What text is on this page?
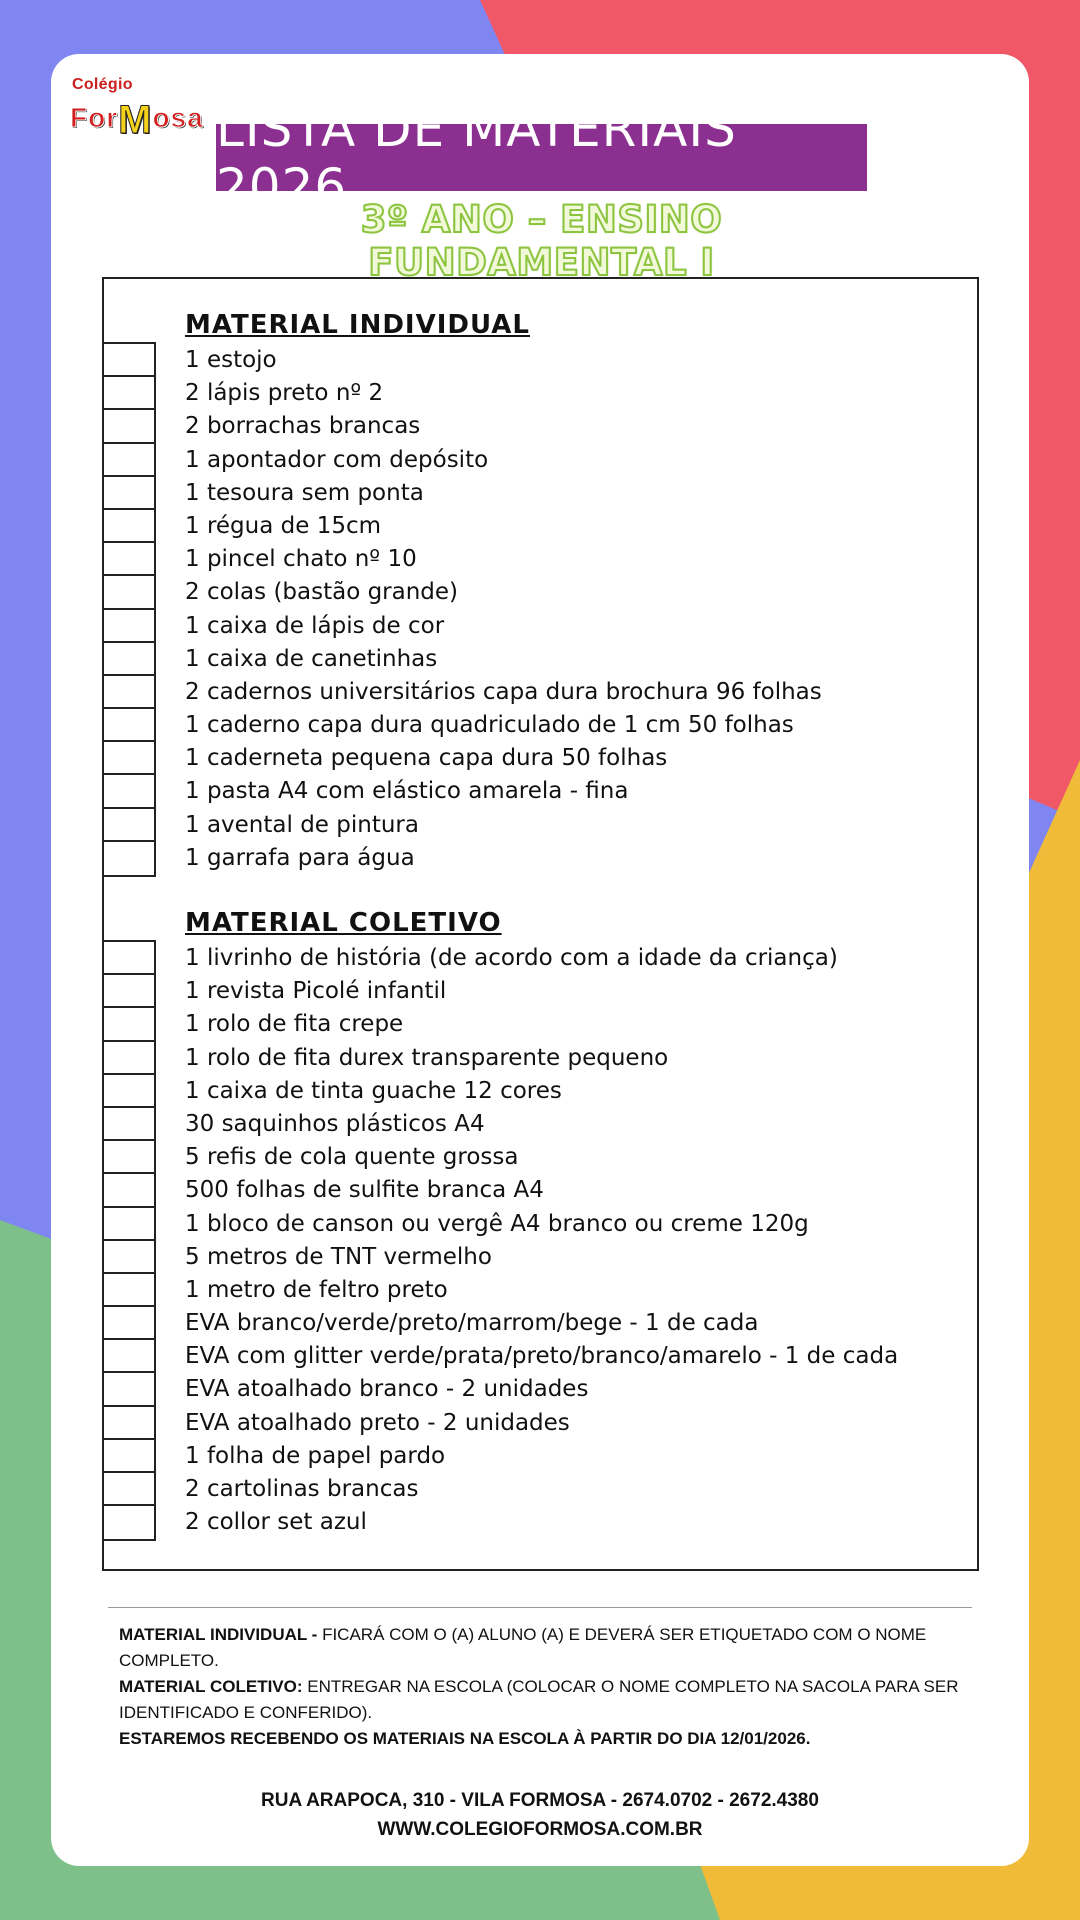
Colégio
ForMosa LISTA DE MATERIAIS 2026
3º ANO – ENSINO FUNDAMENTAL I
MATERIAL INDIVIDUAL
1 estojo
2 lápis preto nº 2
2 borrachas brancas
1 apontador com depósito
1 tesoura sem ponta
1 régua de 15cm
1 pincel chato nº 10
2 colas (bastão grande)
1 caixa de lápis de cor
1 caixa de canetinhas
2 cadernos universitários capa dura brochura 96 folhas
1 caderno capa dura quadriculado de 1 cm 50 folhas
1 caderneta pequena capa dura 50 folhas
1 pasta A4 com elástico amarela - fina
1 avental de pintura
1 garrafa para água
MATERIAL COLETIVO
1 livrinho de história (de acordo com a idade da criança)
1 revista Picolé infantil
1 rolo de fita crepe
1 rolo de fita durex transparente pequeno
1 caixa de tinta guache 12 cores
30 saquinhos plásticos A4
5 refis de cola quente grossa
500 folhas de sulfite branca A4
1 bloco de canson ou vergê A4 branco ou creme 120g
5 metros de TNT vermelho
1 metro de feltro preto
EVA branco/verde/preto/marrom/bege - 1 de cada
EVA com glitter verde/prata/preto/branco/amarelo - 1 de cada
EVA atoalhado branco - 2 unidades
EVA atoalhado preto - 2 unidades
1 folha de papel pardo
2 cartolinas brancas
2 collor set azul
MATERIAL INDIVIDUAL - FICARÁ COM O (A) ALUNO (A) E DEVERÁ SER ETIQUETADO COM O NOME COMPLETO.
MATERIAL COLETIVO: ENTREGAR NA ESCOLA (COLOCAR O NOME COMPLETO NA SACOLA PARA SER IDENTIFICADO E CONFERIDO).
ESTAREMOS RECEBENDO OS MATERIAIS NA ESCOLA À PARTIR DO DIA 12/01/2026.
RUA ARAPOCA, 310 - VILA FORMOSA - 2674.0702 - 2672.4380
WWW.COLEGIOFORMOSA.COM.BR
